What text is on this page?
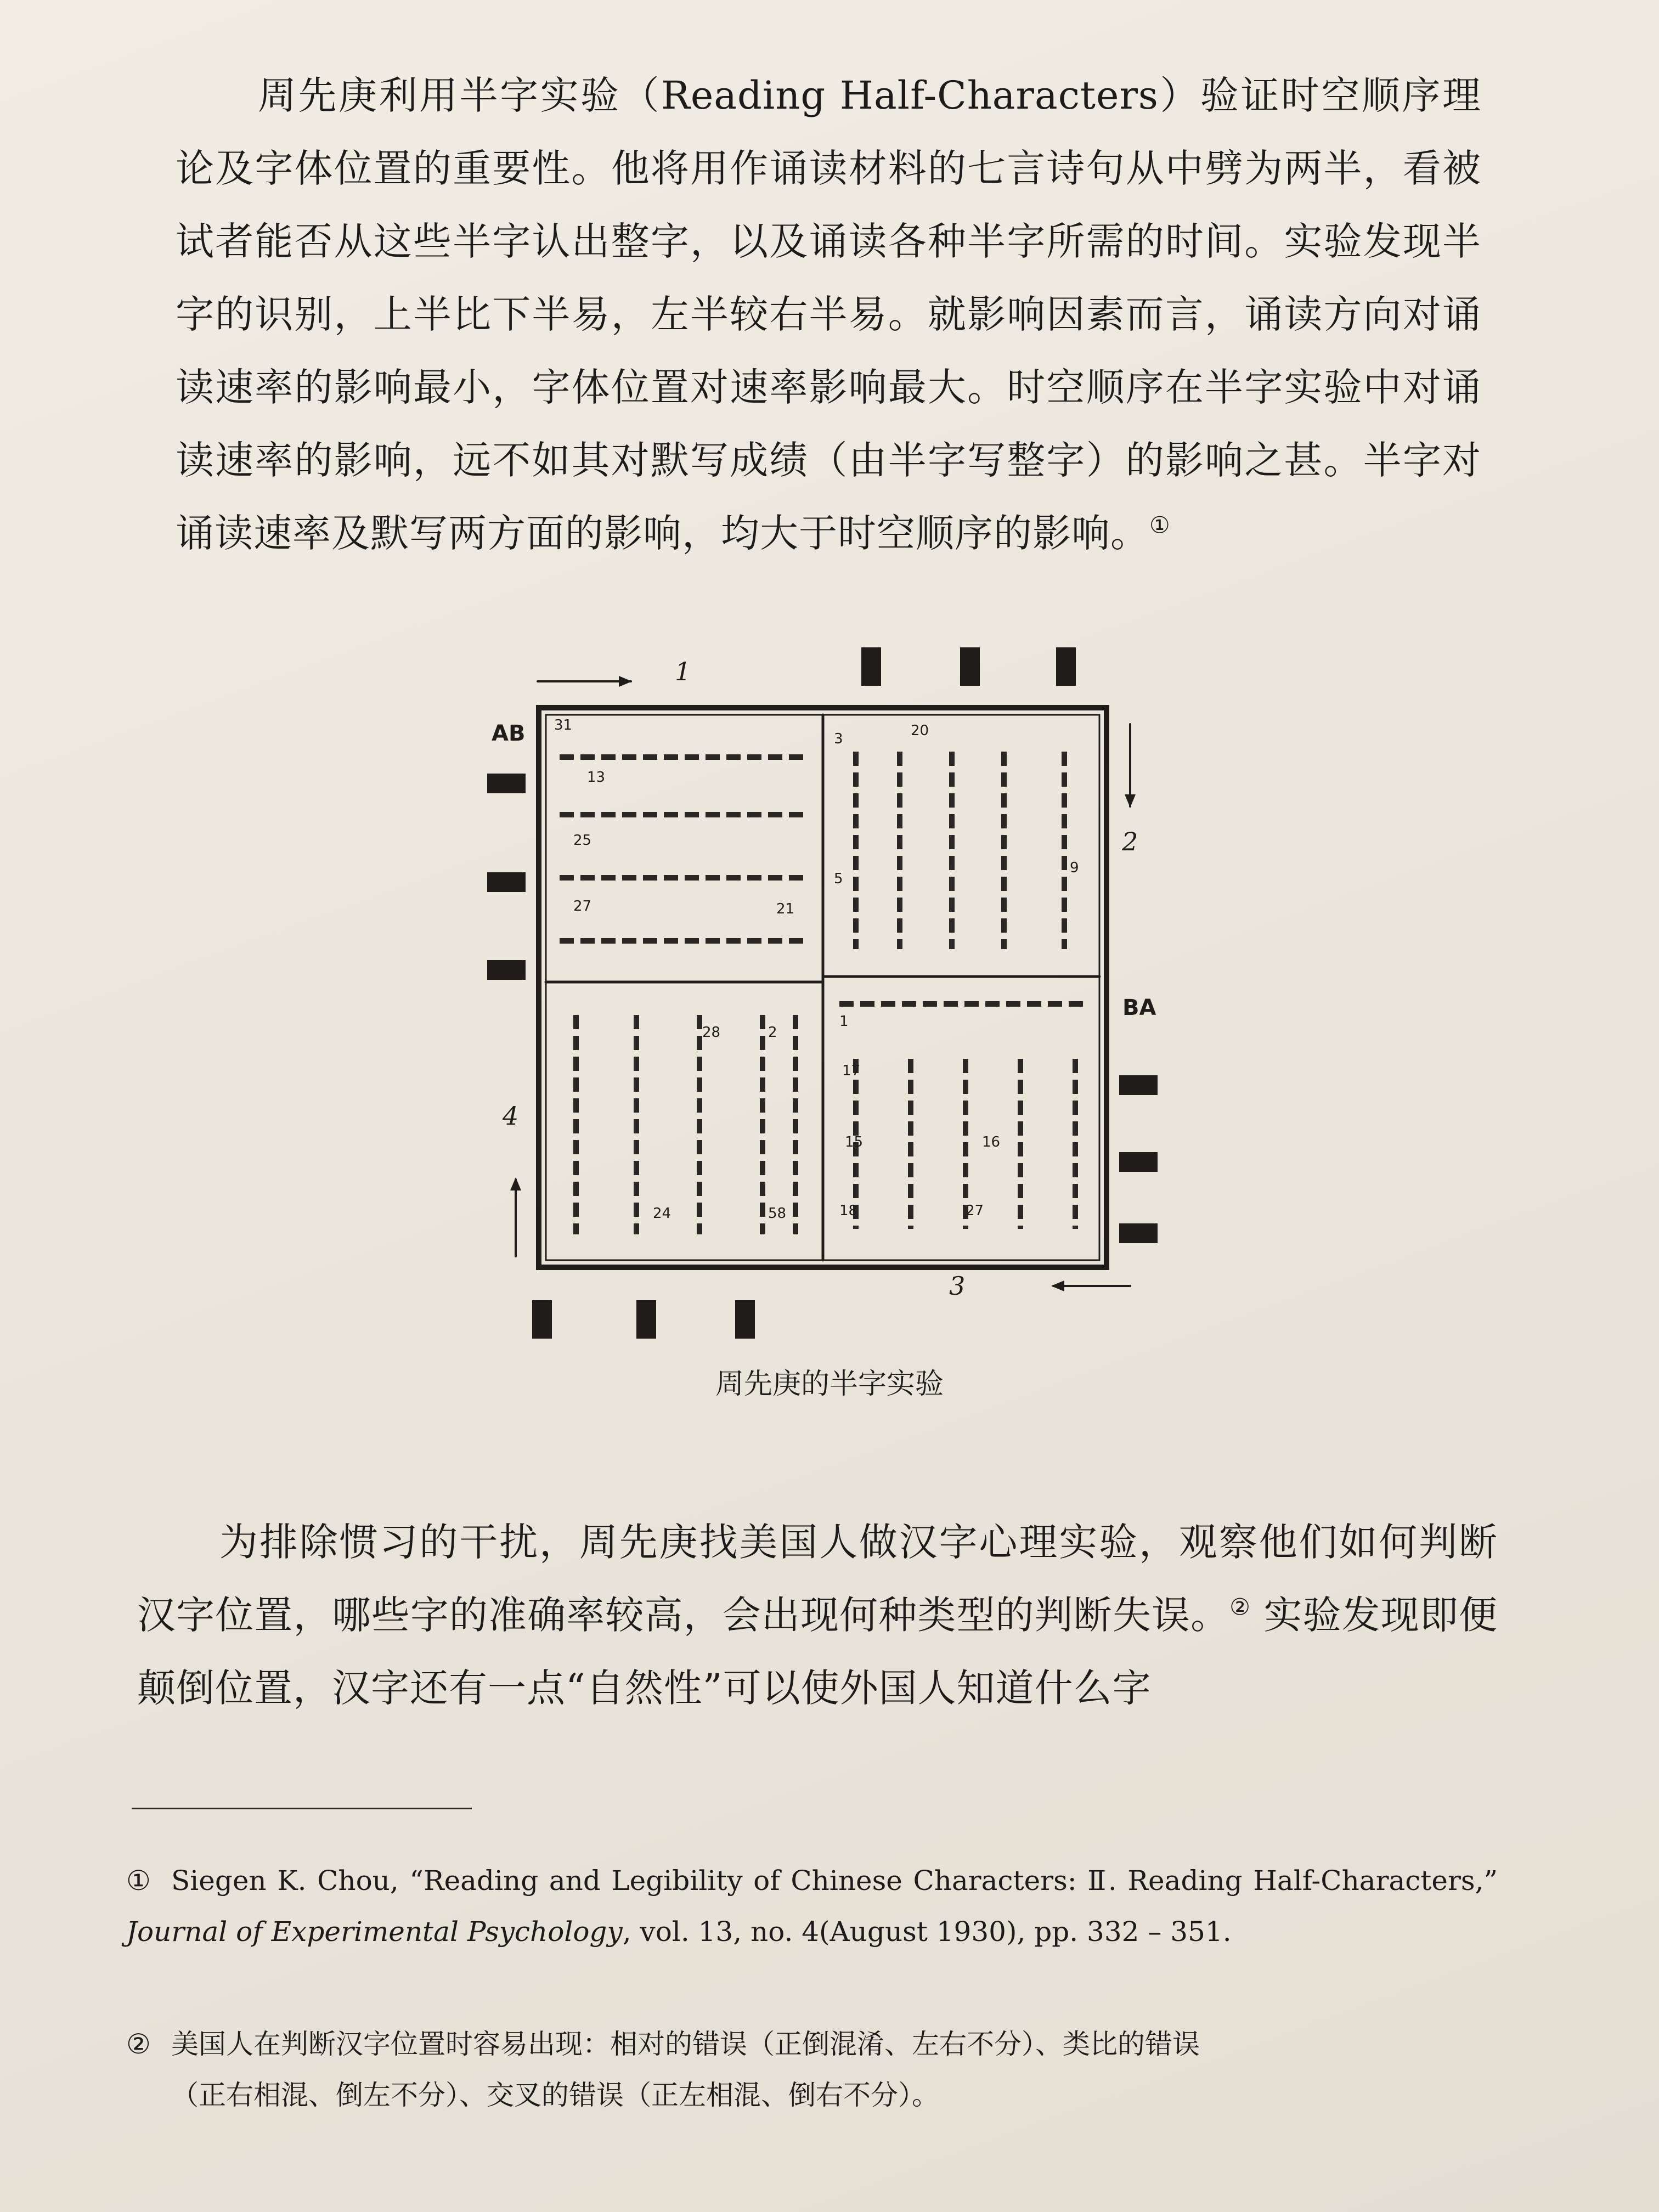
周先庚利用半字实验（Reading Half-Characters）验证时空顺序理论及字体位置的重要性。他将用作诵读材料的七言诗句从中劈为两半，看被试者能否从这些半字认出整字，以及诵读各种半字所需的时间。实验发现半字的识别，上半比下半易，左半较右半易。就影响因素而言，诵读方向对诵读速率的影响最小，字体位置对速率影响最大。时空顺序在半字实验中对诵读速率的影响，远不如其对默写成绩（由半字写整字）的影响之甚。半字对诵读速率及默写两方面的影响，均大于时空顺序的影响。①

1
2
3
4
AB
BA
31
13
25
27	21
3
5
9
20
2
28
24	58
1
17
15	16
18	27
周先庚的半字实验

为排除惯习的干扰，周先庚找美国人做汉字心理实验，观察他们如何判断汉字位置，哪些字的准确率较高，会出现何种类型的判断失误。② 实验发现即便颠倒位置，汉字还有一点“自然性”可以使外国人知道什么字

① Siegen K. Chou, “Reading and Legibility of Chinese Characters: Ⅱ. Reading Half-Characters,” Journal of Experimental Psychology, vol. 13, no. 4(August 1930), pp. 332 – 351.

② 美国人在判断汉字位置时容易出现：相对的错误（正倒混淆、左右不分）、类比的错误
（正右相混、倒左不分）、交叉的错误（正左相混、倒右不分）。
